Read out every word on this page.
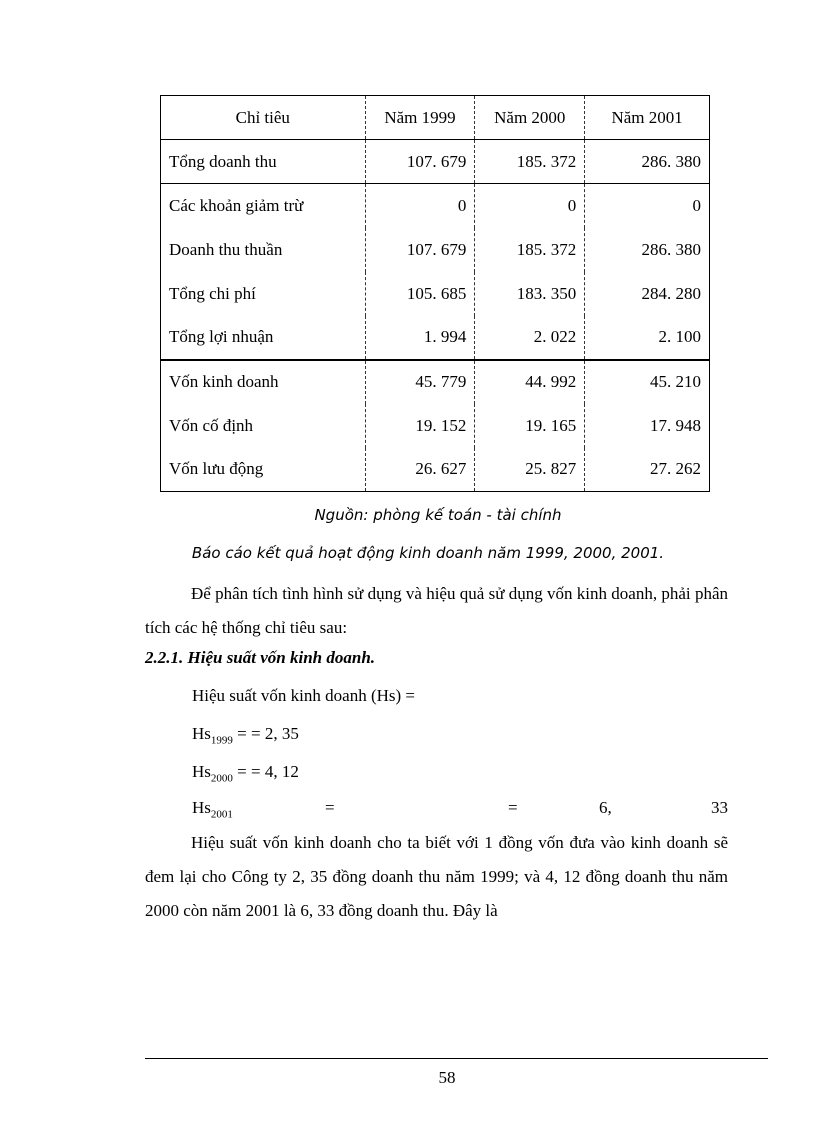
Chỉ tiêu	Năm 1999	Năm 2000	Năm 2001
Tổng doanh thu	107. 679	185. 372	286. 380
Các khoản giảm trừ	0	0	0
Doanh thu thuần	107. 679	185. 372	286. 380
Tổng chi phí	105. 685	183. 350	284. 280
Tổng lợi nhuận	1. 994	2. 022	2. 100
Vốn kinh doanh	45. 779	44. 992	45. 210
Vốn cố định	19. 152	19. 165	17. 948
Vốn lưu động	26. 627	25. 827	27. 262
Nguồn: phòng kế toán - tài chính
Báo cáo kết quả hoạt động kinh doanh năm 1999, 2000, 2001.
Để phân tích tình hình sử dụng và hiệu quả sử dụng vốn kinh doanh, phải phân tích các hệ thống chỉ tiêu sau:
2.2.1. Hiệu suất vốn kinh doanh.
Hiệu suất vốn kinh doanh (Hs) =
$Hs_{1999}$ = = 2, 35
$Hs_{2000}$ = = 4, 12
$Hs_{2001}$	=	=	6,	33
Hiệu suất vốn kinh doanh cho ta biết với 1 đồng vốn đưa vào kinh doanh sẽ đem lại cho Công ty 2, 35 đồng doanh thu năm 1999; và 4, 12 đồng doanh thu năm 2000 còn năm 2001 là 6, 33 đồng doanh thu. Đây là
58
